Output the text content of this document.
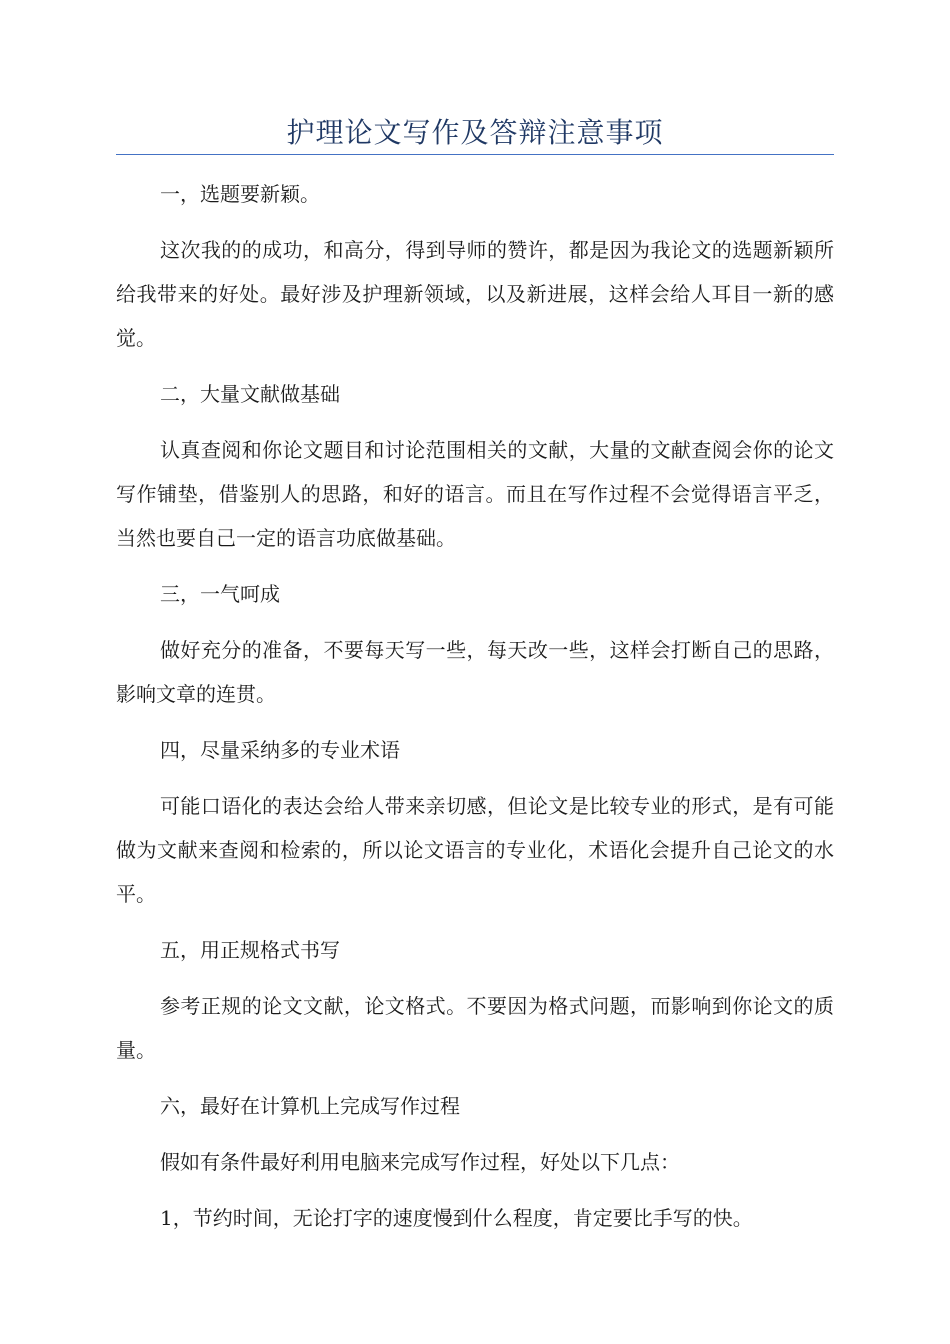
护理论文写作及答辩注意事项

一，选题要新颖。

这次我的的成功，和高分，得到导师的赞许，都是因为我论文的选题新颖所给我带来的好处。最好涉及护理新领域，以及新进展，这样会给人耳目一新的感觉。

二，大量文献做基础

认真查阅和你论文题目和讨论范围相关的文献，大量的文献查阅会你的论文写作铺垫，借鉴别人的思路，和好的语言。而且在写作过程不会觉得语言平乏，当然也要自己一定的语言功底做基础。

三，一气呵成

做好充分的准备，不要每天写一些，每天改一些，这样会打断自己的思路，影响文章的连贯。

四，尽量采纳多的专业术语

可能口语化的表达会给人带来亲切感，但论文是比较专业的形式，是有可能做为文献来查阅和检索的，所以论文语言的专业化，术语化会提升自己论文的水平。

五，用正规格式书写

参考正规的论文文献，论文格式。不要因为格式问题，而影响到你论文的质量。

六，最好在计算机上完成写作过程

假如有条件最好利用电脑来完成写作过程，好处以下几点：

1，节约时间，无论打字的速度慢到什么程度，肯定要比手写的快。
